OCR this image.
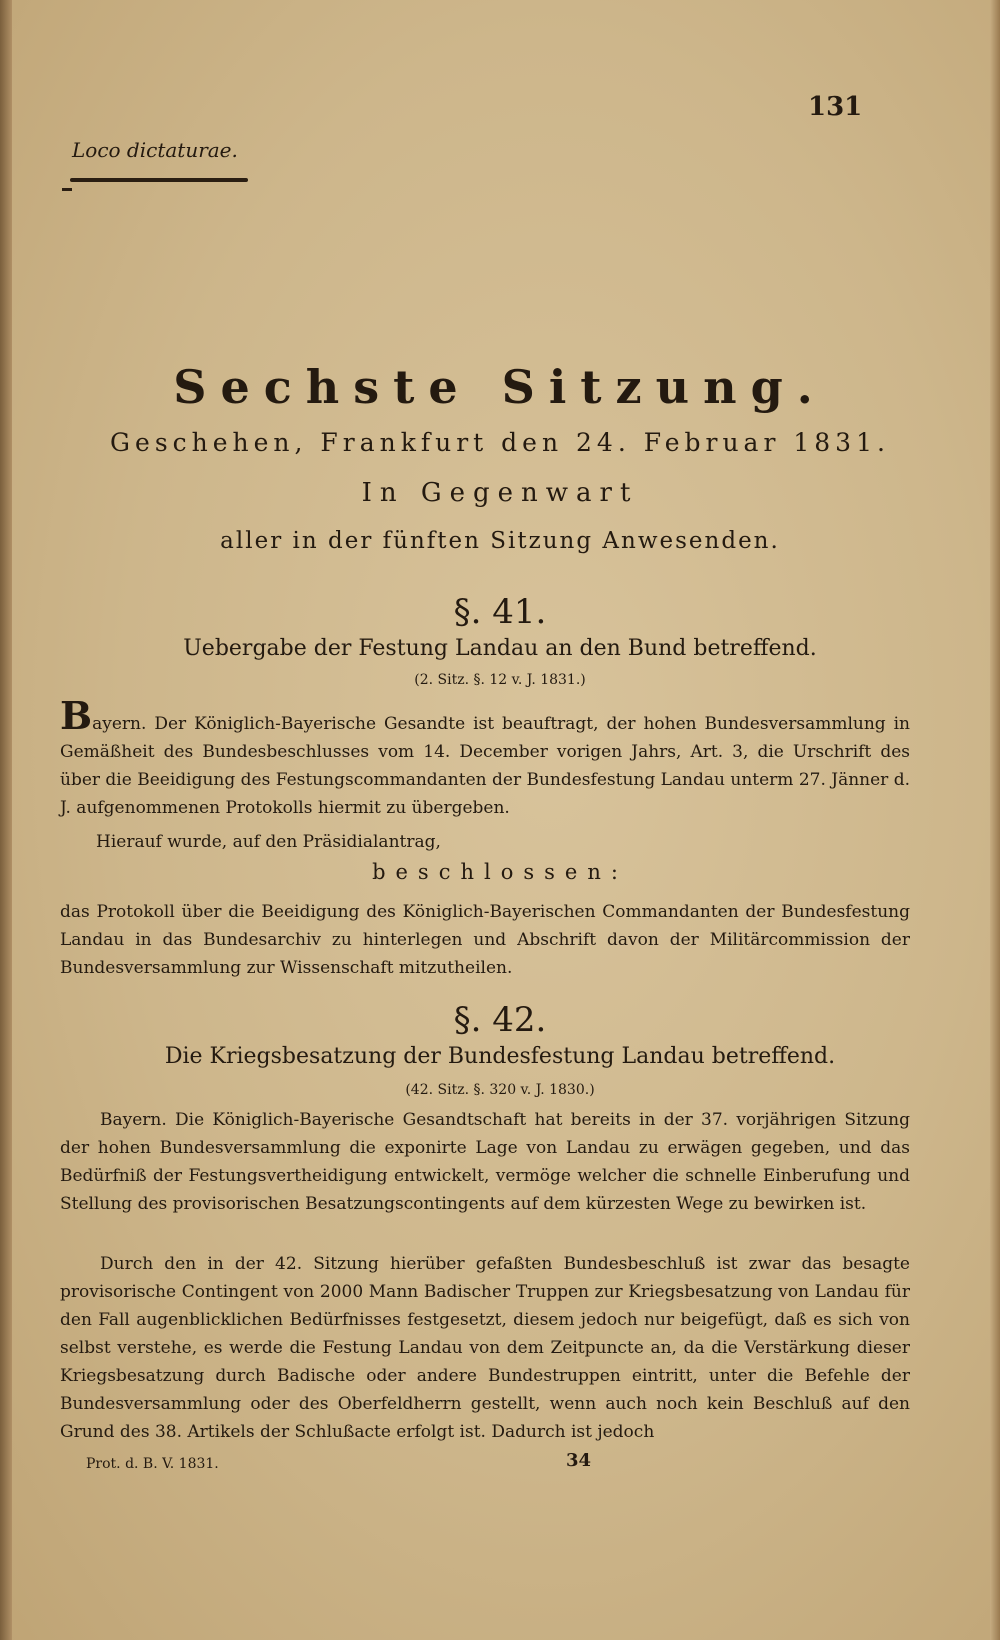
131
Loco dictaturae.
Sechste Sitzung.
Geschehen, Frankfurt den 24. Februar 1831.
In Gegenwart
aller in der fünften Sitzung Anwesenden.
§. 41.
Uebergabe der Festung Landau an den Bund betreffend.
(2. Sitz. §. 12 v. J. 1831.)
Bayern. Der Königlich-Bayerische Gesandte ist beauftragt, der hohen Bundesversammlung in Gemäßheit des Bundesbeschlusses vom 14. December vorigen Jahrs, Art. 3, die Urschrift des über die Beeidigung des Festungscommandanten der Bundesfestung Landau unterm 27. Jänner d. J. aufgenommenen Protokolls hiermit zu übergeben.
Hierauf wurde, auf den Präsidialantrag,
beschlossen:
das Protokoll über die Beeidigung des Königlich-Bayerischen Commandanten der Bundesfestung Landau in das Bundesarchiv zu hinterlegen und Abschrift davon der Militärcommission der Bundesversammlung zur Wissenschaft mitzutheilen.
§. 42.
Die Kriegsbesatzung der Bundesfestung Landau betreffend.
(42. Sitz. §. 320 v. J. 1830.)
Bayern. Die Königlich-Bayerische Gesandtschaft hat bereits in der 37. vorjährigen Sitzung der hohen Bundesversammlung die exponirte Lage von Landau zu erwägen gegeben, und das Bedürfniß der Festungsvertheidigung entwickelt, vermöge welcher die schnelle Einberufung und Stellung des provisorischen Besatzungscontingents auf dem kürzesten Wege zu bewirken ist.
Durch den in der 42. Sitzung hierüber gefaßten Bundesbeschluß ist zwar das besagte provisorische Contingent von 2000 Mann Badischer Truppen zur Kriegsbesatzung von Landau für den Fall augenblicklichen Bedürfnisses festgesetzt, diesem jedoch nur beigefügt, daß es sich von selbst verstehe, es werde die Festung Landau von dem Zeitpuncte an, da die Verstärkung dieser Kriegsbesatzung durch Badische oder andere Bundestruppen eintritt, unter die Befehle der Bundesversammlung oder des Oberfeldherrn gestellt, wenn auch noch kein Beschluß auf den Grund des 38. Artikels der Schlußacte erfolgt ist. Dadurch ist jedoch
Prot. d. B. V. 1831.	34
